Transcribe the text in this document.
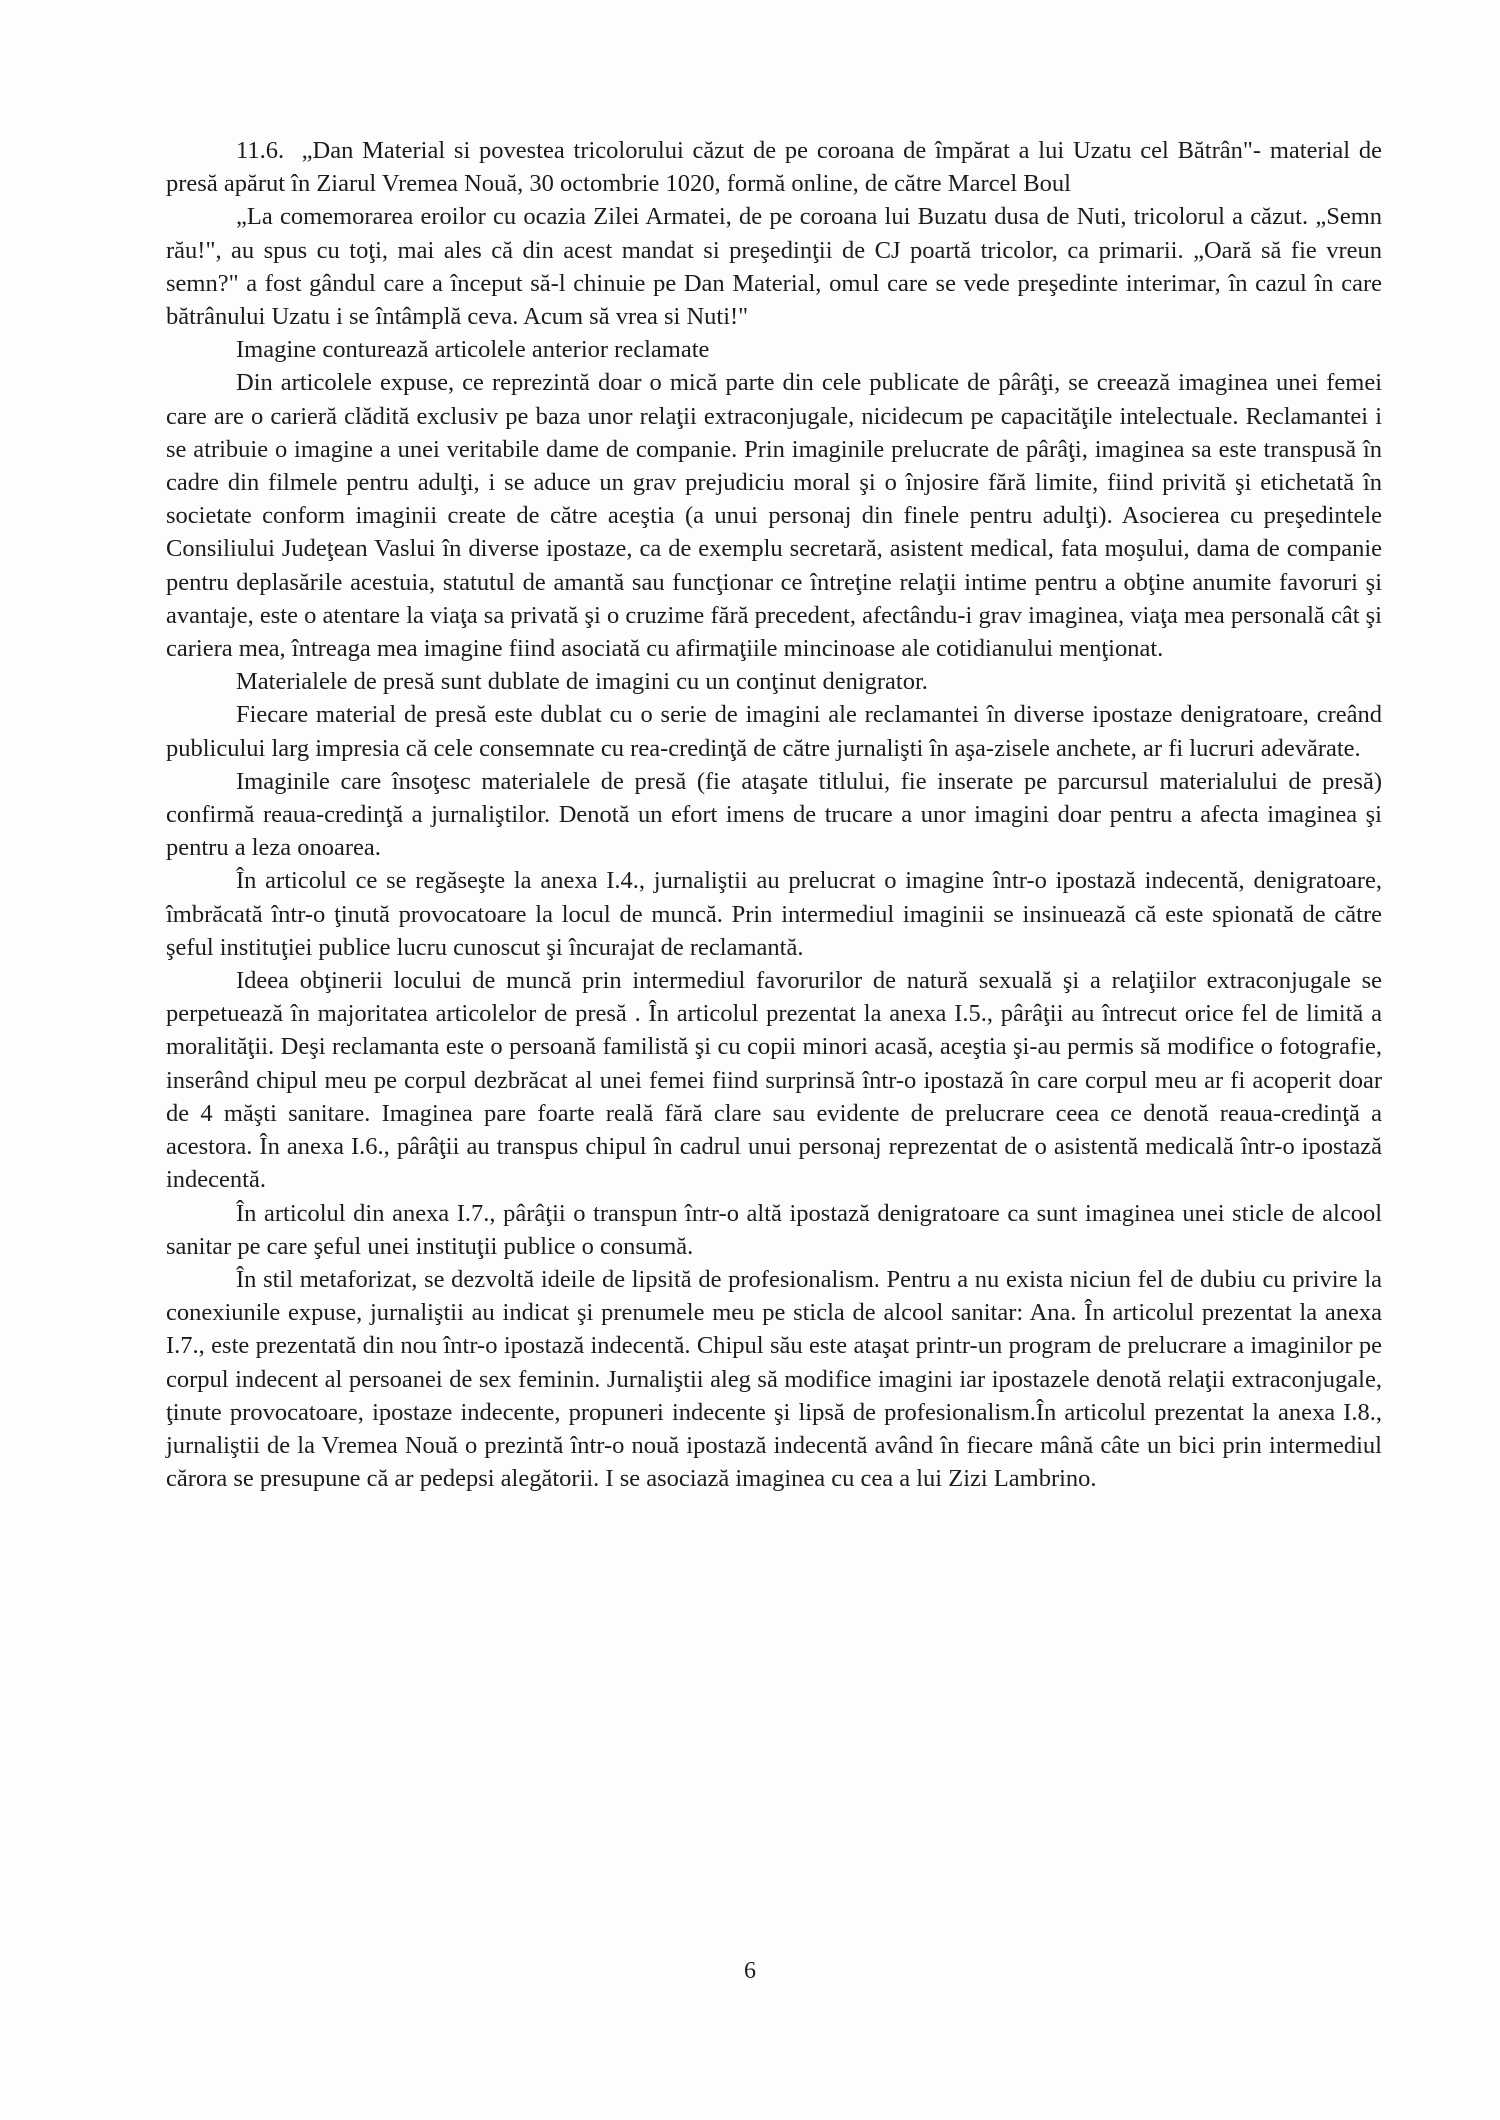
11.6.  „Dan Material si povestea tricolorului căzut de pe coroana de împărat a lui Uzatu cel Bătrân"- material de presă apărut în Ziarul Vremea Nouă, 30 octombrie 1020, formă online, de către Marcel Boul

„La comemorarea eroilor cu ocazia Zilei Armatei, de pe coroana lui Buzatu dusa de Nuti, tricolorul a căzut. „Semn rău!", au spus cu toţi, mai ales că din acest mandat si preşedinţii de CJ poartă tricolor, ca primarii. „Oară să fie vreun semn?" a fost gândul care a început să-l chinuie pe Dan Material, omul care se vede preşedinte interimar, în cazul în care bătrânului Uzatu i se întâmplă ceva. Acum să vrea si Nuti!"

Imagine conturează articolele anterior reclamate

Din articolele expuse, ce reprezintă doar o mică parte din cele publicate de pârâţi, se creează imaginea unei femei care are o carieră clădită exclusiv pe baza unor relaţii extraconjugale, nicidecum pe capacităţile intelectuale. Reclamantei i se atribuie o imagine a unei veritabile dame de companie. Prin imaginile prelucrate de pârâţi, imaginea sa este transpusă în cadre din filmele pentru adulţi, i se aduce un grav prejudiciu moral şi o înjosire fără limite, fiind privită şi etichetată în societate conform imaginii create de către aceştia (a unui personaj din finele pentru adulţi). Asocierea cu preşedintele Consiliului Judeţean Vaslui în diverse ipostaze, ca de exemplu secretară, asistent medical, fata moşului, dama de companie pentru deplasările acestuia, statutul de amantă sau funcţionar ce întreţine relaţii intime pentru a obţine anumite favoruri şi avantaje, este o atentare la viaţa sa privată şi o cruzime fără precedent, afectându-i grav imaginea, viaţa mea personală cât şi cariera mea, întreaga mea imagine fiind asociată cu afirmaţiile mincinoase ale cotidianului menţionat.

Materialele de presă sunt dublate de imagini cu un conţinut denigrator.

Fiecare material de presă este dublat cu o serie de imagini ale reclamantei în diverse ipostaze denigratoare, creând publicului larg impresia că cele consemnate cu rea-credinţă de către jurnalişti în aşa-zisele anchete, ar fi lucruri adevărate.

Imaginile care însoţesc materialele de presă (fie ataşate titlului, fie inserate pe parcursul materialului de presă) confirmă reaua-credinţă a jurnaliştilor. Denotă un efort imens de trucare a unor imagini doar pentru a afecta imaginea şi pentru a leza onoarea.

În articolul ce se regăseşte la anexa I.4., jurnaliştii au prelucrat o imagine într-o ipostază indecentă, denigratoare, îmbrăcată într-o ţinută provocatoare la locul de muncă. Prin intermediul imaginii se insinuează că este spionată de către şeful instituţiei publice lucru cunoscut şi încurajat de reclamantă.

Ideea obţinerii locului de muncă prin intermediul favorurilor de natură sexuală şi a relaţiilor extraconjugale se perpetuează în majoritatea articolelor de presă . În articolul prezentat la anexa I.5., pârâţii au întrecut orice fel de limită a moralităţii. Deşi reclamanta este o persoană familistă şi cu copii minori acasă, aceştia şi-au permis să modifice o fotografie, inserând chipul meu pe corpul dezbrăcat al unei femei fiind surprinsă într-o ipostază în care corpul meu ar fi acoperit doar de 4 măşti sanitare. Imaginea pare foarte reală fără clare sau evidente de prelucrare ceea ce denotă reaua-credinţă a acestora. În anexa I.6., pârâţii au transpus chipul în cadrul unui personaj reprezentat de o asistentă medicală într-o ipostază indecentă.

În articolul din anexa I.7., pârâţii o transpun într-o altă ipostază denigratoare ca sunt imaginea unei sticle de alcool sanitar pe care şeful unei instituţii publice o consumă.

În stil metaforizat, se dezvoltă ideile de lipsită de profesionalism. Pentru a nu exista niciun fel de dubiu cu privire la conexiunile expuse, jurnaliştii au indicat şi prenumele meu pe sticla de alcool sanitar: Ana. În articolul prezentat la anexa I.7., este prezentată din nou într-o ipostază indecentă. Chipul său este ataşat printr-un program de prelucrare a imaginilor pe corpul indecent al persoanei de sex feminin. Jurnaliştii aleg să modifice imagini iar ipostazele denotă relaţii extraconjugale, ţinute provocatoare, ipostaze indecente, propuneri indecente şi lipsă de profesionalism.În articolul prezentat la anexa I.8., jurnaliştii de la Vremea Nouă o prezintă într-o nouă ipostază indecentă având în fiecare mână câte un bici prin intermediul cărora se presupune că ar pedepsi alegătorii. I se asociază imaginea cu cea a lui Zizi Lambrino.

6
